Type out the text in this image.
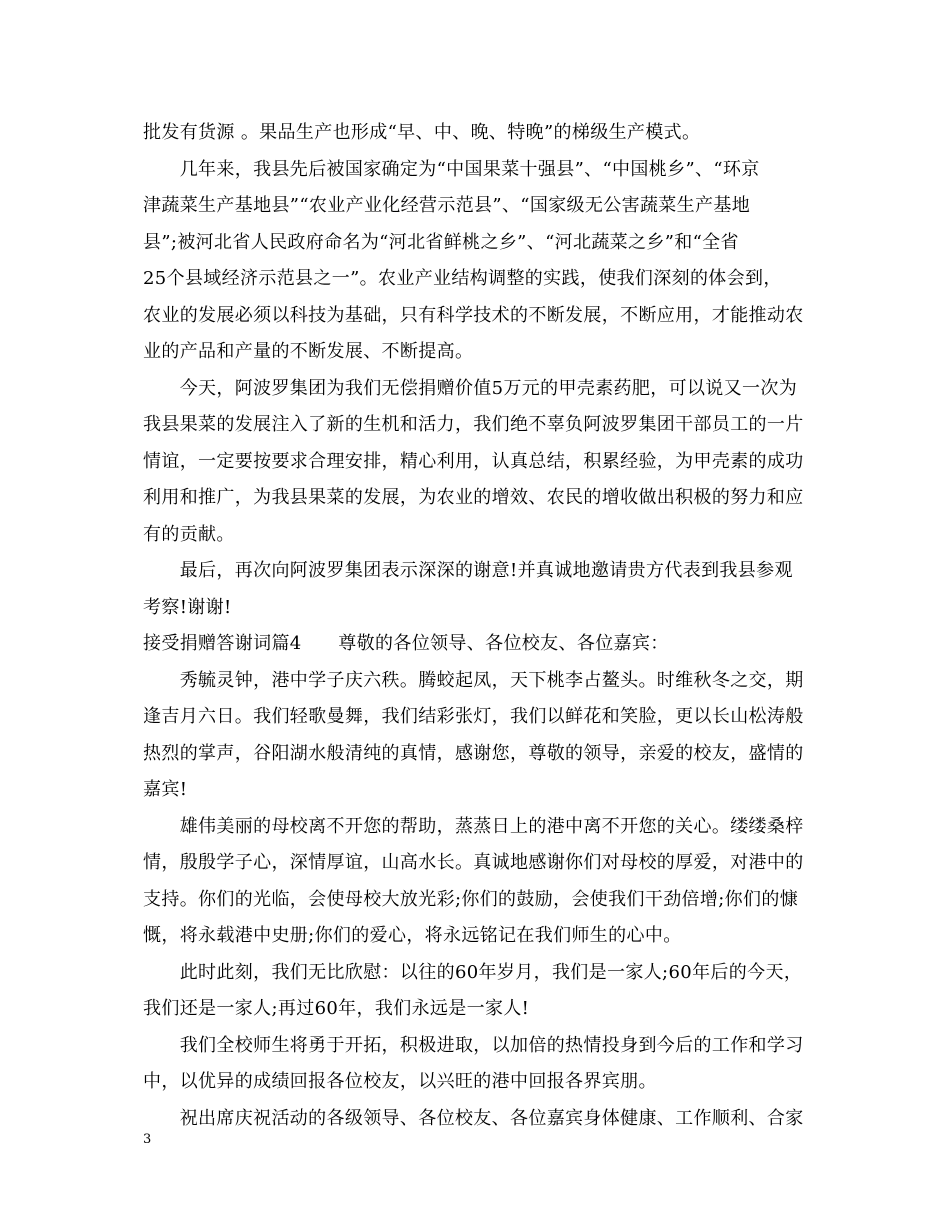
批发有货源 。果品生产也形成“早、中、晚、特晚”的梯级生产模式。
　　几年来，我县先后被国家确定为“中国果菜十强县”、“中国桃乡”、“环京
津蔬菜生产基地县”“农业产业化经营示范县”、“国家级无公害蔬菜生产基地
县”;被河北省人民政府命名为“河北省鲜桃之乡”、“河北蔬菜之乡”和“全省
25个县域经济示范县之一”。农业产业结构调整的实践，使我们深刻的体会到，
农业的发展必须以科技为基础，只有科学技术的不断发展，不断应用，才能推动农
业的产品和产量的不断发展、不断提高。
　　今天，阿波罗集团为我们无偿捐赠价值5万元的甲壳素药肥，可以说又一次为
我县果菜的发展注入了新的生机和活力，我们绝不辜负阿波罗集团干部员工的一片
情谊，一定要按要求合理安排，精心利用，认真总结，积累经验，为甲壳素的成功
利用和推广，为我县果菜的发展，为农业的增效、农民的增收做出积极的努力和应
有的贡献。
　　最后，再次向阿波罗集团表示深深的谢意!并真诚地邀请贵方代表到我县参观
考察!谢谢!
接受捐赠答谢词篇4　　尊敬的各位领导、各位校友、各位嘉宾：
　　秀毓灵钟，港中学子庆六秩。腾蛟起凤，天下桃李占鳌头。时维秋冬之交，期
逢吉月六日。我们轻歌曼舞，我们结彩张灯，我们以鲜花和笑脸，更以长山松涛般
热烈的掌声，谷阳湖水般清纯的真情，感谢您，尊敬的领导，亲爱的校友，盛情的
嘉宾!
　　雄伟美丽的母校离不开您的帮助，蒸蒸日上的港中离不开您的关心。缕缕桑梓
情，殷殷学子心，深情厚谊，山高水长。真诚地感谢你们对母校的厚爱，对港中的
支持。你们的光临，会使母校大放光彩;你们的鼓励，会使我们干劲倍增;你们的慷
慨，将永载港中史册;你们的爱心，将永远铭记在我们师生的心中。
　　此时此刻，我们无比欣慰：以往的60年岁月，我们是一家人;60年后的今天，
我们还是一家人;再过60年，我们永远是一家人!
　　我们全校师生将勇于开拓，积极进取，以加倍的热情投身到今后的工作和学习
中，以优异的成绩回报各位校友，以兴旺的港中回报各界宾朋。
　　祝出席庆祝活动的各级领导、各位校友、各位嘉宾身体健康、工作顺利、合家
3
